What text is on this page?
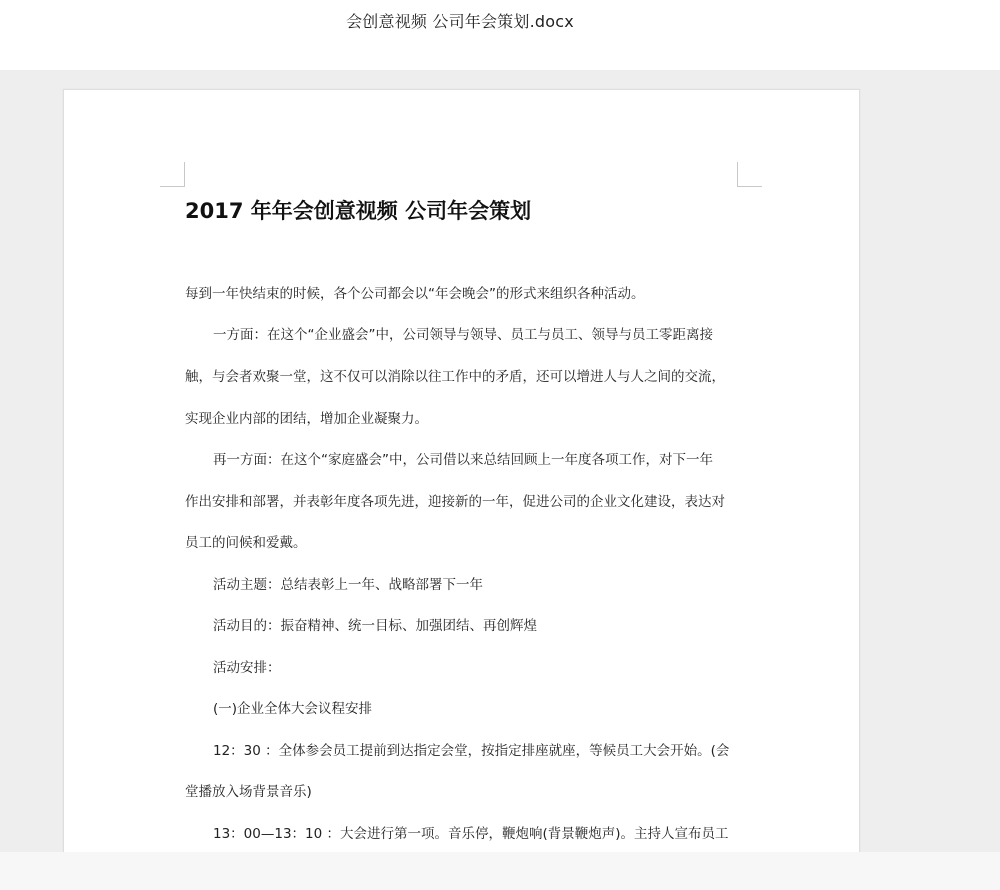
会创意视频 公司年会策划.docx
2017 年年会创意视频 公司年会策划
每到一年快结束的时候，各个公司都会以“年会晚会”的形式来组织各种活动。
一方面：在这个“企业盛会”中，公司领导与领导、员工与员工、领导与员工零距离接
触，与会者欢聚一堂，这不仅可以消除以往工作中的矛盾，还可以增进人与人之间的交流，
实现企业内部的团结，增加企业凝聚力。
再一方面：在这个“家庭盛会”中，公司借以来总结回顾上一年度各项工作，对下一年
作出安排和部署，并表彰年度各项先进，迎接新的一年，促进公司的企业文化建设，表达对
员工的问候和爱戴。
活动主题：总结表彰上一年、战略部署下一年
活动目的：振奋精神、统一目标、加强团结、再创辉煌
活动安排：
(一)企业全体大会议程安排
12：30 ：全体参会员工提前到达指定会堂，按指定排座就座，等候员工大会开始。(会
堂播放入场背景音乐)
13：00—13：10 ：大会进行第一项。音乐停，鞭炮响(背景鞭炮声)。主持人宣布员工
